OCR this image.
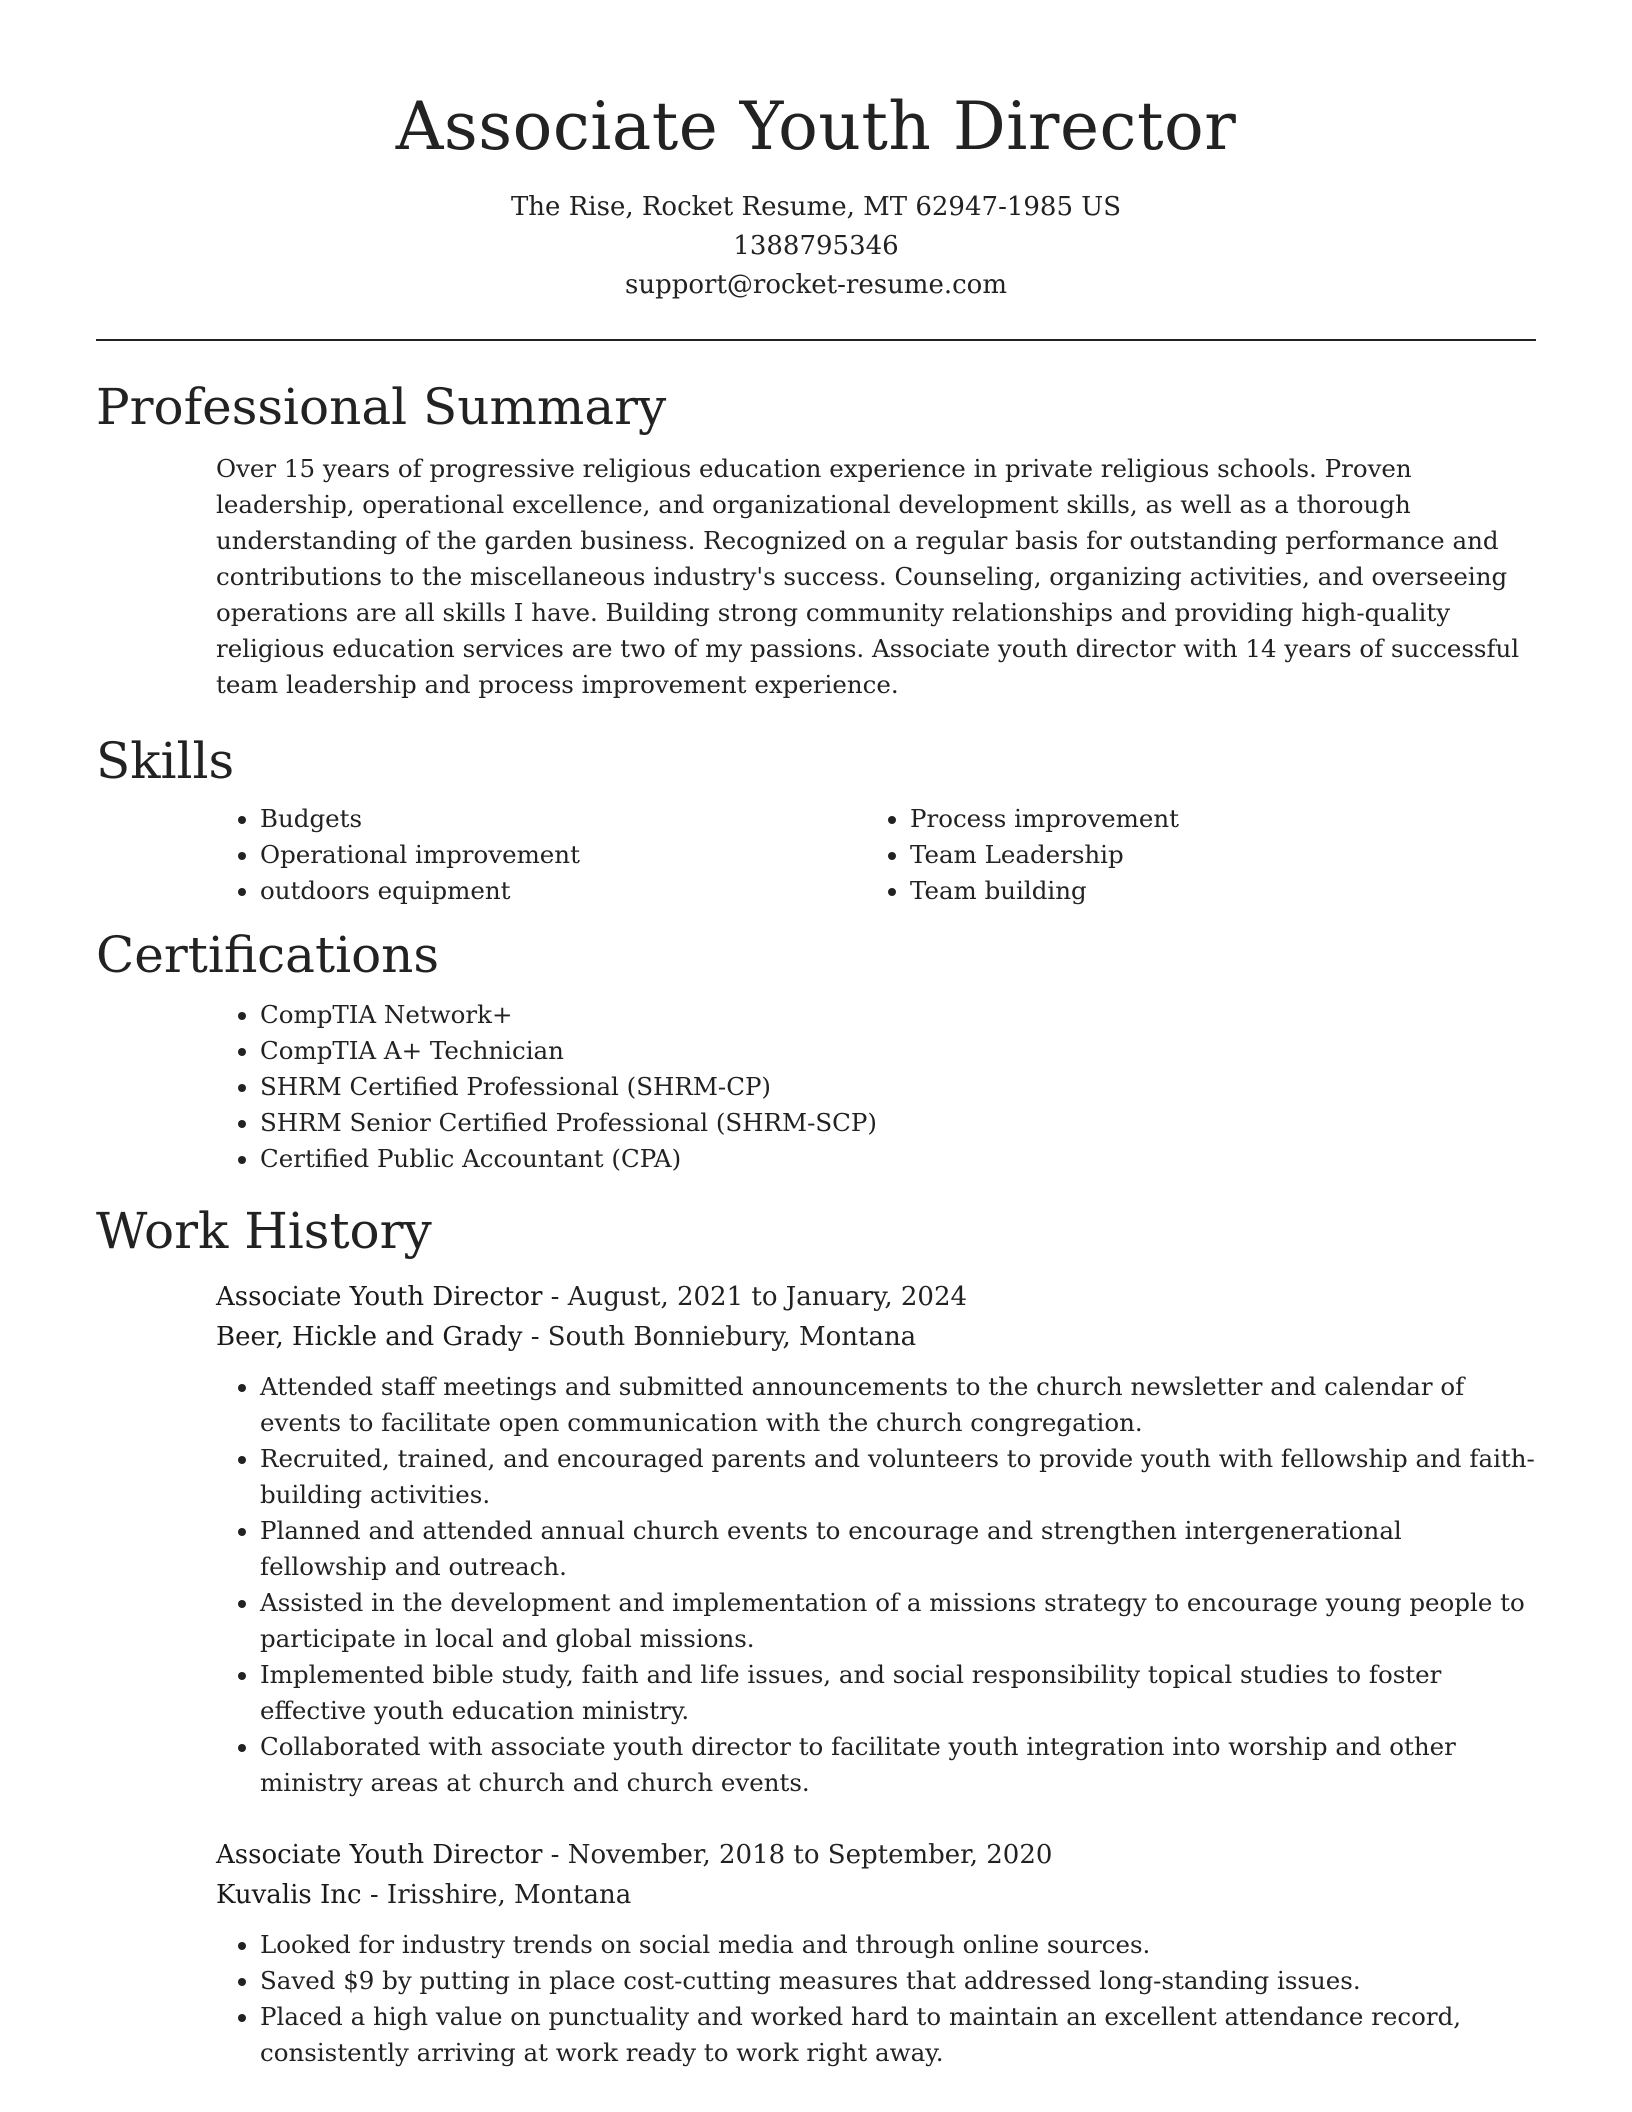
Associate Youth Director
The Rise, Rocket Resume, MT 62947-1985 US
1388795346
support@rocket-resume.com
Professional Summary

Over 15 years of progressive religious education experience in private religious schools. Proven leadership, operational excellence, and organizational development skills, as well as a thorough understanding of the garden business. Recognized on a regular basis for outstanding performance and contributions to the miscellaneous industry's success. Counseling, organizing activities, and overseeing operations are all skills I have. Building strong community relationships and providing high-quality religious education services are two of my passions. Associate youth director with 14 years of successful team leadership and process improvement experience.

Skills
• Budgets
• Operational improvement
• outdoors equipment
• Process improvement
• Team Leadership
• Team building
Certifications
• CompTIA Network+
• CompTIA A+ Technician
• SHRM Certified Professional (SHRM-CP)
• SHRM Senior Certified Professional (SHRM-SCP)
• Certified Public Accountant (CPA)
Work History
Associate Youth Director - August, 2021 to January, 2024
Beer, Hickle and Grady - South Bonniebury, Montana
• Attended staff meetings and submitted announcements to the church newsletter and calendar of events to facilitate open communication with the church congregation.
• Recruited, trained, and encouraged parents and volunteers to provide youth with fellowship and faith-building activities.
• Planned and attended annual church events to encourage and strengthen intergenerational fellowship and outreach.
• Assisted in the development and implementation of a missions strategy to encourage young people to participate in local and global missions.
• Implemented bible study, faith and life issues, and social responsibility topical studies to foster effective youth education ministry.
• Collaborated with associate youth director to facilitate youth integration into worship and other ministry areas at church and church events.
Associate Youth Director - November, 2018 to September, 2020
Kuvalis Inc - Irisshire, Montana
• Looked for industry trends on social media and through online sources.
• Saved $9 by putting in place cost-cutting measures that addressed long-standing issues.
• Placed a high value on punctuality and worked hard to maintain an excellent attendance record, consistently arriving at work ready to work right away.
